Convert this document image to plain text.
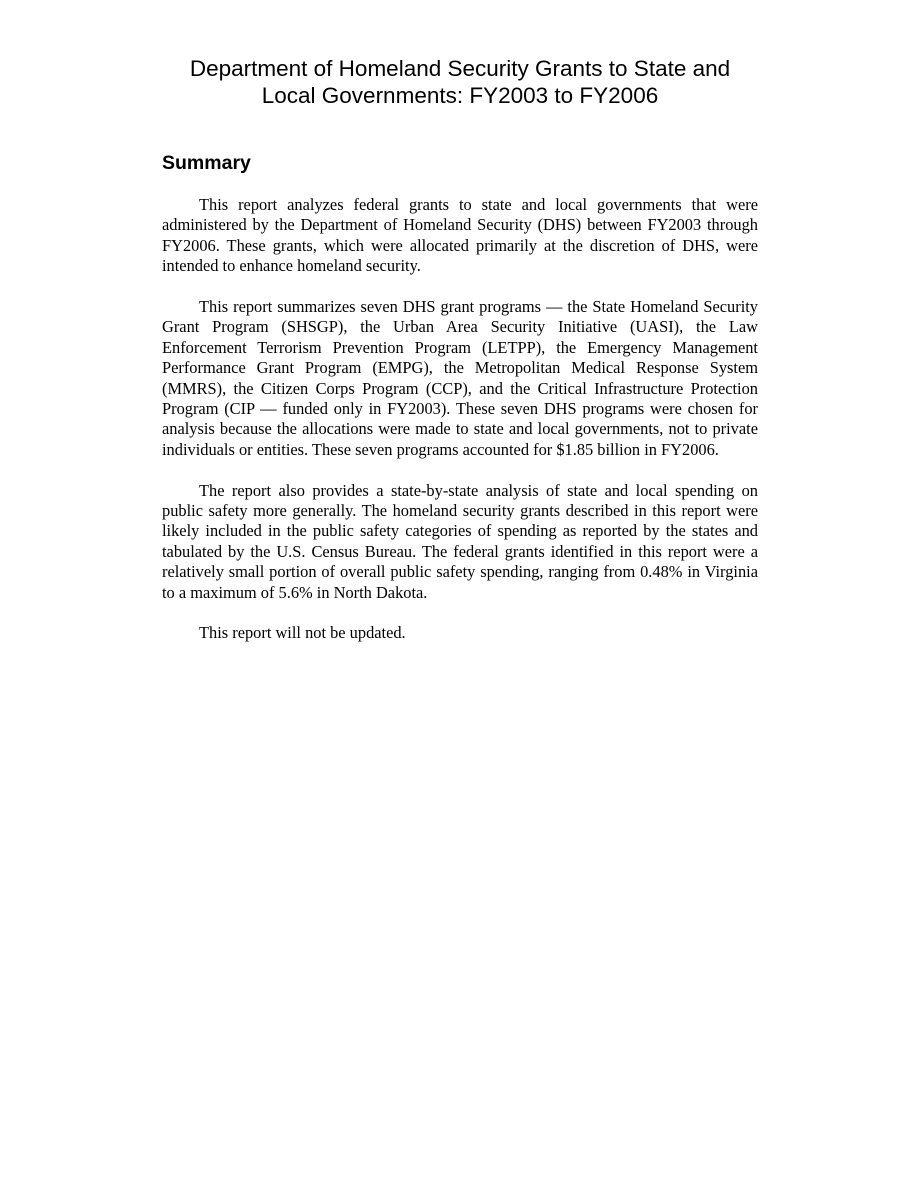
Department of Homeland Security Grants to State and
Local Governments: FY2003 to FY2006
Summary

This report analyzes federal grants to state and local governments that were administered by the Department of Homeland Security (DHS) between FY2003 through FY2006. These grants, which were allocated primarily at the discretion of DHS, were intended to enhance homeland security.

This report summarizes seven DHS grant programs — the State Homeland Security Grant Program (SHSGP), the Urban Area Security Initiative (UASI), the Law Enforcement Terrorism Prevention Program (LETPP), the Emergency Management Performance Grant Program (EMPG), the Metropolitan Medical Response System (MMRS), the Citizen Corps Program (CCP), and the Critical Infrastructure Protection Program (CIP — funded only in FY2003). These seven DHS programs were chosen for analysis because the allocations were made to state and local governments, not to private individuals or entities. These seven programs accounted for $1.85 billion in FY2006.

The report also provides a state-by-state analysis of state and local spending on public safety more generally. The homeland security grants described in this report were likely included in the public safety categories of spending as reported by the states and tabulated by the U.S. Census Bureau. The federal grants identified in this report were a relatively small portion of overall public safety spending, ranging from 0.48% in Virginia to a maximum of 5.6% in North Dakota.

This report will not be updated.
